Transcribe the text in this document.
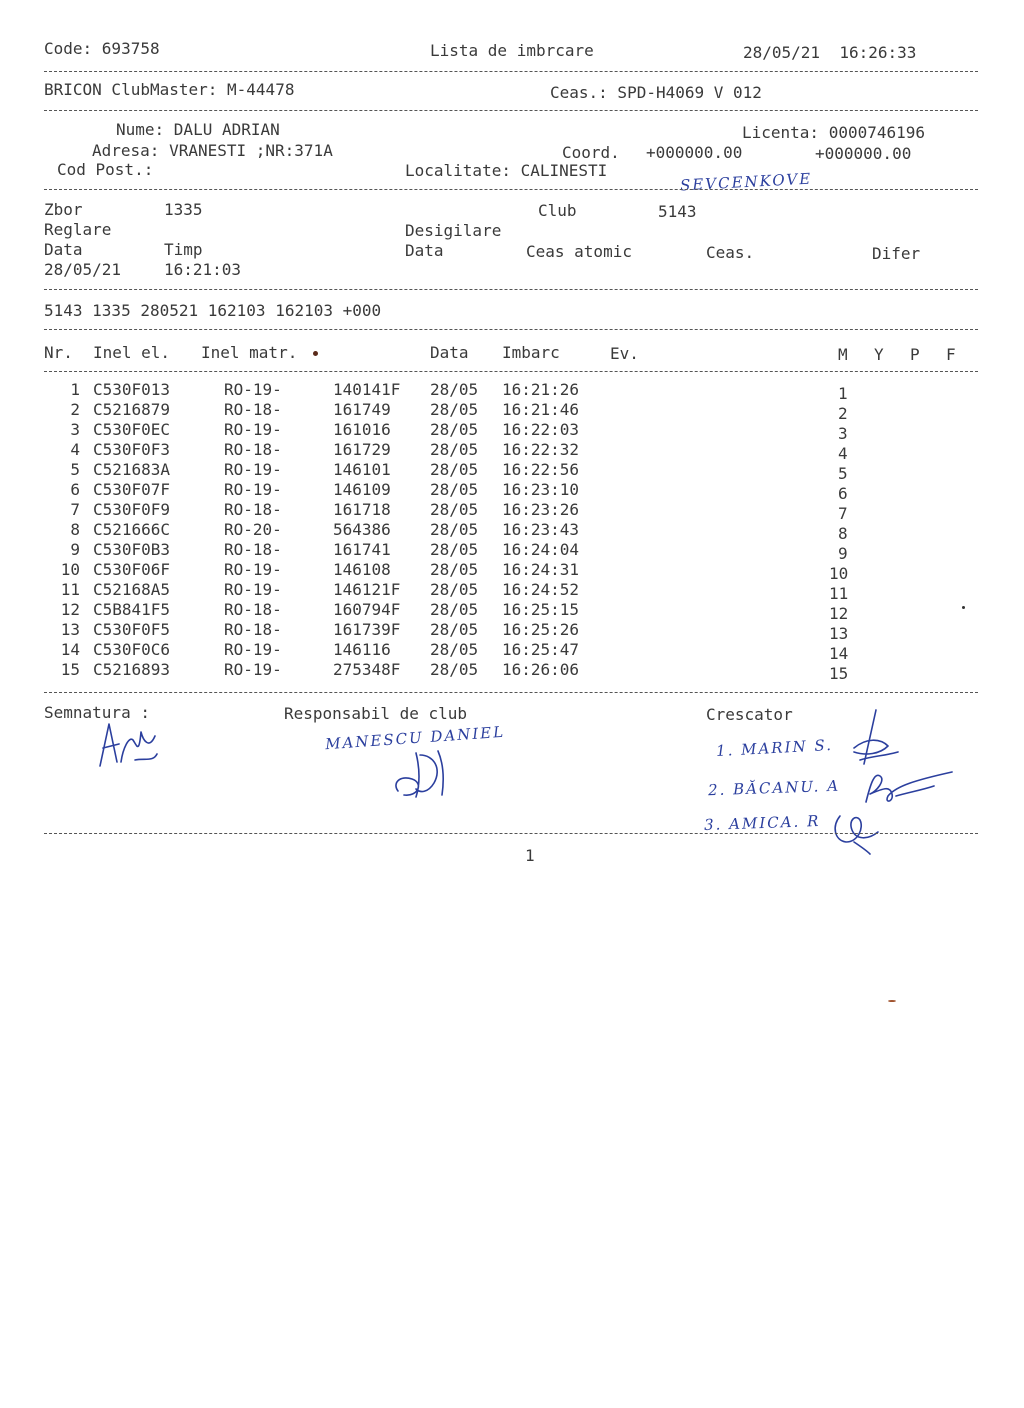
Code: 693758	Lista de imbrcare	28/05/21  16:26:33
BRICON ClubMaster: M-44478	Ceas.: SPD-H4069 V 012
Nume: DALU ADRIAN	Licenta: 0000746196
Adresa: VRANESTI ;NR:371A	Coord. +000000.00	+000000.00
Cod Post.:	Localitate: CALINESTI	SEVCENKOVE
Zbor	1335	Club	5143
Reglare	Desigilare
Data	Timp	Data	Ceas atomic	Ceas.	Difer
28/05/21	16:21:03
5143 1335 280521 162103 162103 +000
Nr. Inel el. Inel matr.	Data Imbarc	Ev.	M Y P F
1 C530F013	RO-19-	140141F 28/05 16:21:26	1
2 C5216879	RO-18-	161749 28/05 16:21:46	2
3 C530F0EC	RO-19-	161016 28/05 16:22:03	3
4 C530F0F3	RO-18-	161729 28/05 16:22:32	4
5 C521683A	RO-19-	146101 28/05 16:22:56	5
6 C530F07F	RO-19-	146109 28/05 16:23:10	6
7 C530F0F9	RO-18-	161718 28/05 16:23:26	7
8 C521666C	RO-20-	564386 28/05 16:23:43	8
9 C530F0B3	RO-18-	161741 28/05 16:24:04	9
10 C530F06F	RO-19-	146108 28/05 16:24:31	10
11 C52168A5	RO-19-	146121F 28/05 16:24:52	11
12 C5B841F5	RO-18-	160794F 28/05 16:25:15	12
13 C530F0F5	RO-18-	161739F 28/05 16:25:26	13
14 C530F0C6	RO-19-	146116 28/05 16:25:47	14
15 C5216893	RO-19-	275348F 28/05 16:26:06	15
Semnatura :	Responsabil de club	Crescator
MANESCU DANIEL	1. MARIN S.
2. BĂCANU. A
3. AMICA. R
1
